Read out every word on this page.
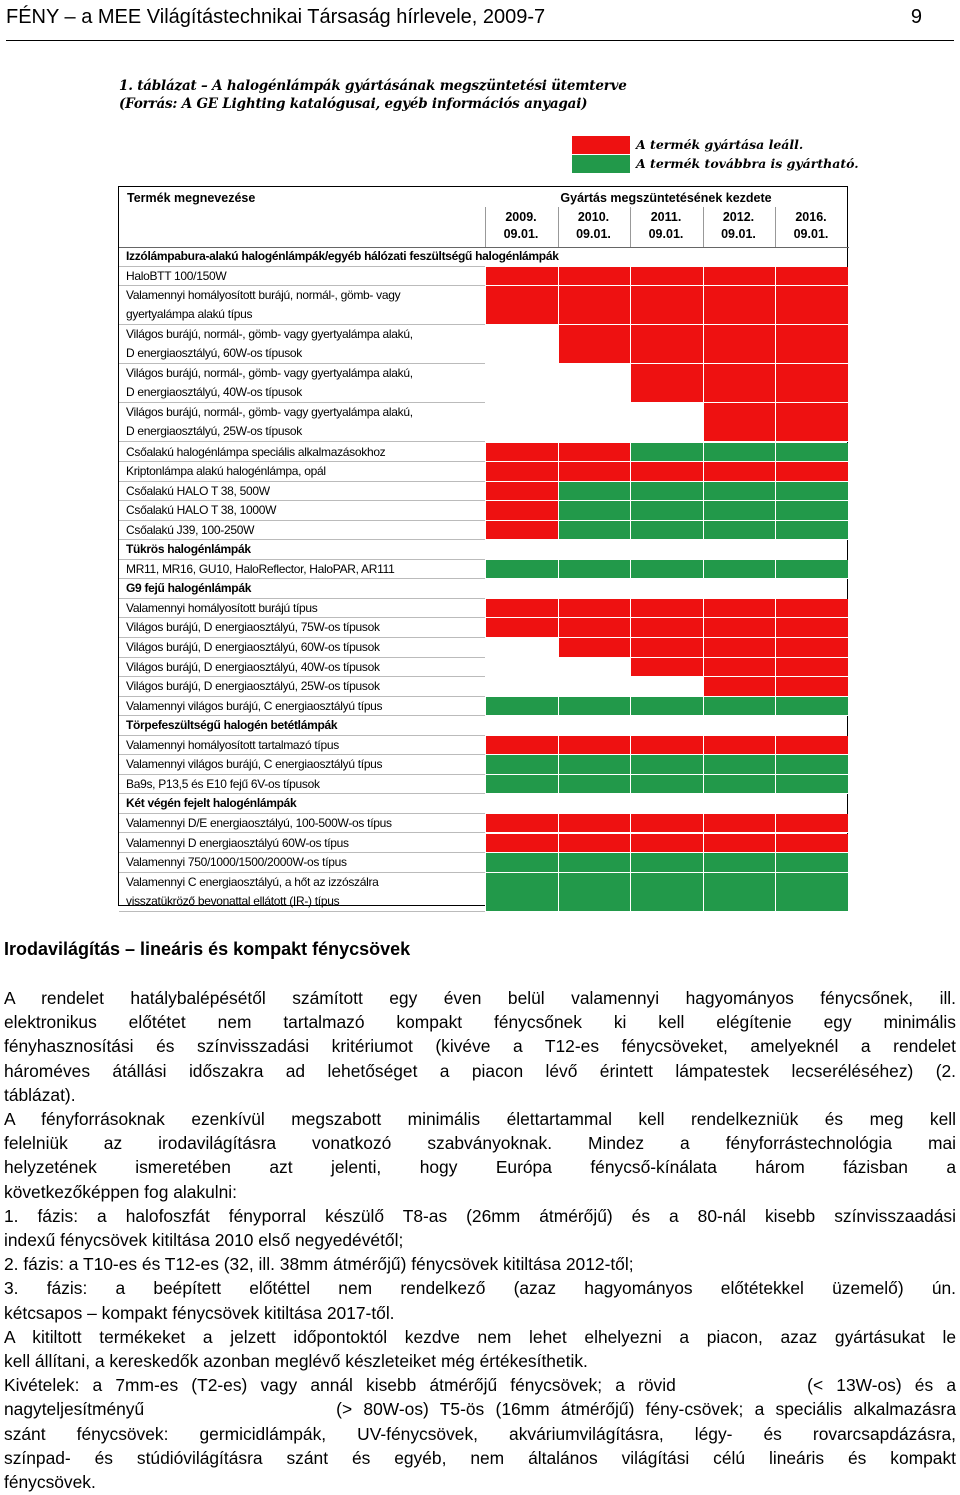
FÉNY – a MEE Világítástechnikai Társaság hírlevele, 2009-7	9
1. táblázat – A halogénlámpák gyártásának megszüntetési ütemterve
(Forrás: A GE Lighting katalógusai, egyéb információs anyagai)
A termék gyártása leáll.
A termék továbbra is gyártható.
Termék megnevezése	Gyártás megszüntetésének kezdete
2009.
09.01.
2010.
09.01.
2011.
09.01.
2012.
09.01.
2016.
09.01.
Izzólámpabura-alakú halogénlámpák/egyéb hálózati feszültségű halogénlámpák
HaloBTT 100/150W
Valamennyi homályosított burájú, normál-, gömb- vagy
gyertyalámpa alakú típus
Világos burájú, normál-, gömb- vagy gyertyalámpa alakú,
D energiaosztályú, 60W-os típusok
Világos burájú, normál-, gömb- vagy gyertyalámpa alakú,
D energiaosztályú, 40W-os típusok
Világos burájú, normál-, gömb- vagy gyertyalámpa alakú,
D energiaosztályú, 25W-os típusok
Csőalakú halogénlámpa speciális alkalmazásokhoz
Kriptonlámpa alakú halogénlámpa, opál
Csőalakú HALO T 38, 500W
Csőalakú HALO T 38, 1000W
Csőalakú J39, 100-250W
Tükrös halogénlámpák
MR11, MR16, GU10, HaloReflector, HaloPAR, AR111
G9 fejű halogénlámpák
Valamennyi homályosított burájú típus
Világos burájú, D energiaosztályú, 75W-os típusok
Világos burájú, D energiaosztályú, 60W-os típusok
Világos burájú, D energiaosztályú, 40W-os típusok
Világos burájú, D energiaosztályú, 25W-os típusok
Valamennyi világos burájú, C energiaosztályú típus
Törpefeszültségű halogén betétlámpák
Valamennyi homályosított tartalmazó típus
Valamennyi világos burájú, C energiaosztályú típus
Ba9s, P13,5 és E10 fejű 6V-os típusok
Két végén fejelt halogénlámpák
Valamennyi D/E energiaosztályú, 100-500W-os típus
Valamennyi D energiaosztályú 60W-os típus
Valamennyi 750/1000/1500/2000W-os típus
Valamennyi C energiaosztályú, a hőt az izzószálra
visszatükröző bevonattal ellátott (IR-) típus
Irodavilágítás – lineáris és kompakt fénycsövek
A rendelet hatálybalépésétől számított egy éven belül valamennyi hagyományos fénycsőnek, ill.
elektronikus előtétet nem tartalmazó kompakt fénycsőnek ki kell elégítenie egy minimális
fényhasznosítási és színvisszadási kritériumot (kivéve a T12-es fénycsöveket, amelyeknél a rendelet
hároméves átállási időszakra ad lehetőséget a piacon lévő érintett lámpatestek lecseréléséhez) (2.
táblázat).
A fényforrásoknak ezenkívül megszabott minimális élettartammal kell rendelkezniük és meg kell
felelniük az irodavilágításra vonatkozó szabványoknak. Mindez a fényforrástechnológia mai
helyzetének ismeretében azt jelenti, hogy Európa fénycső-kínálata három fázisban a
következőképpen fog alakulni:
1. fázis: a halofoszfát fényporral készülő T8-as (26mm átmérőjű) és a 80-nál kisebb színvisszaadási
indexű fénycsövek kitiltása 2010 első negyedévétől;
2. fázis: a T10-es és T12-es (32, ill. 38mm átmérőjű) fénycsövek kitiltása 2012-től;
3. fázis: a beépített előtéttel nem rendelkező (azaz hagyományos előtétekkel üzemelő) ún.
kétcsapos – kompakt fénycsövek kitiltása 2017-től.
A kitiltott termékeket a jelzett időpontoktól kezdve nem lehet elhelyezni a piacon, azaz gyártásukat le
kell állítani, a kereskedők azonban meglévő készleteiket még értékesíthetik.
Kivételek: a 7mm-es (T2-es) vagy annál kisebb átmérőjű fénycsövek; a rövid          (< 13W-os) és a
nagyteljesítményű                 (> 80W-os) T5-ös (16mm átmérőjű) fény-csövek; a speciális alkalmazásra
szánt fénycsövek: germicidlámpák, UV-fénycsövek, akváriumvilágításra, légy- és rovarcsapdázásra,
színpad- és stúdióvilágításra szánt és egyéb, nem általános világítási célú lineáris és kompakt
fénycsövek.
